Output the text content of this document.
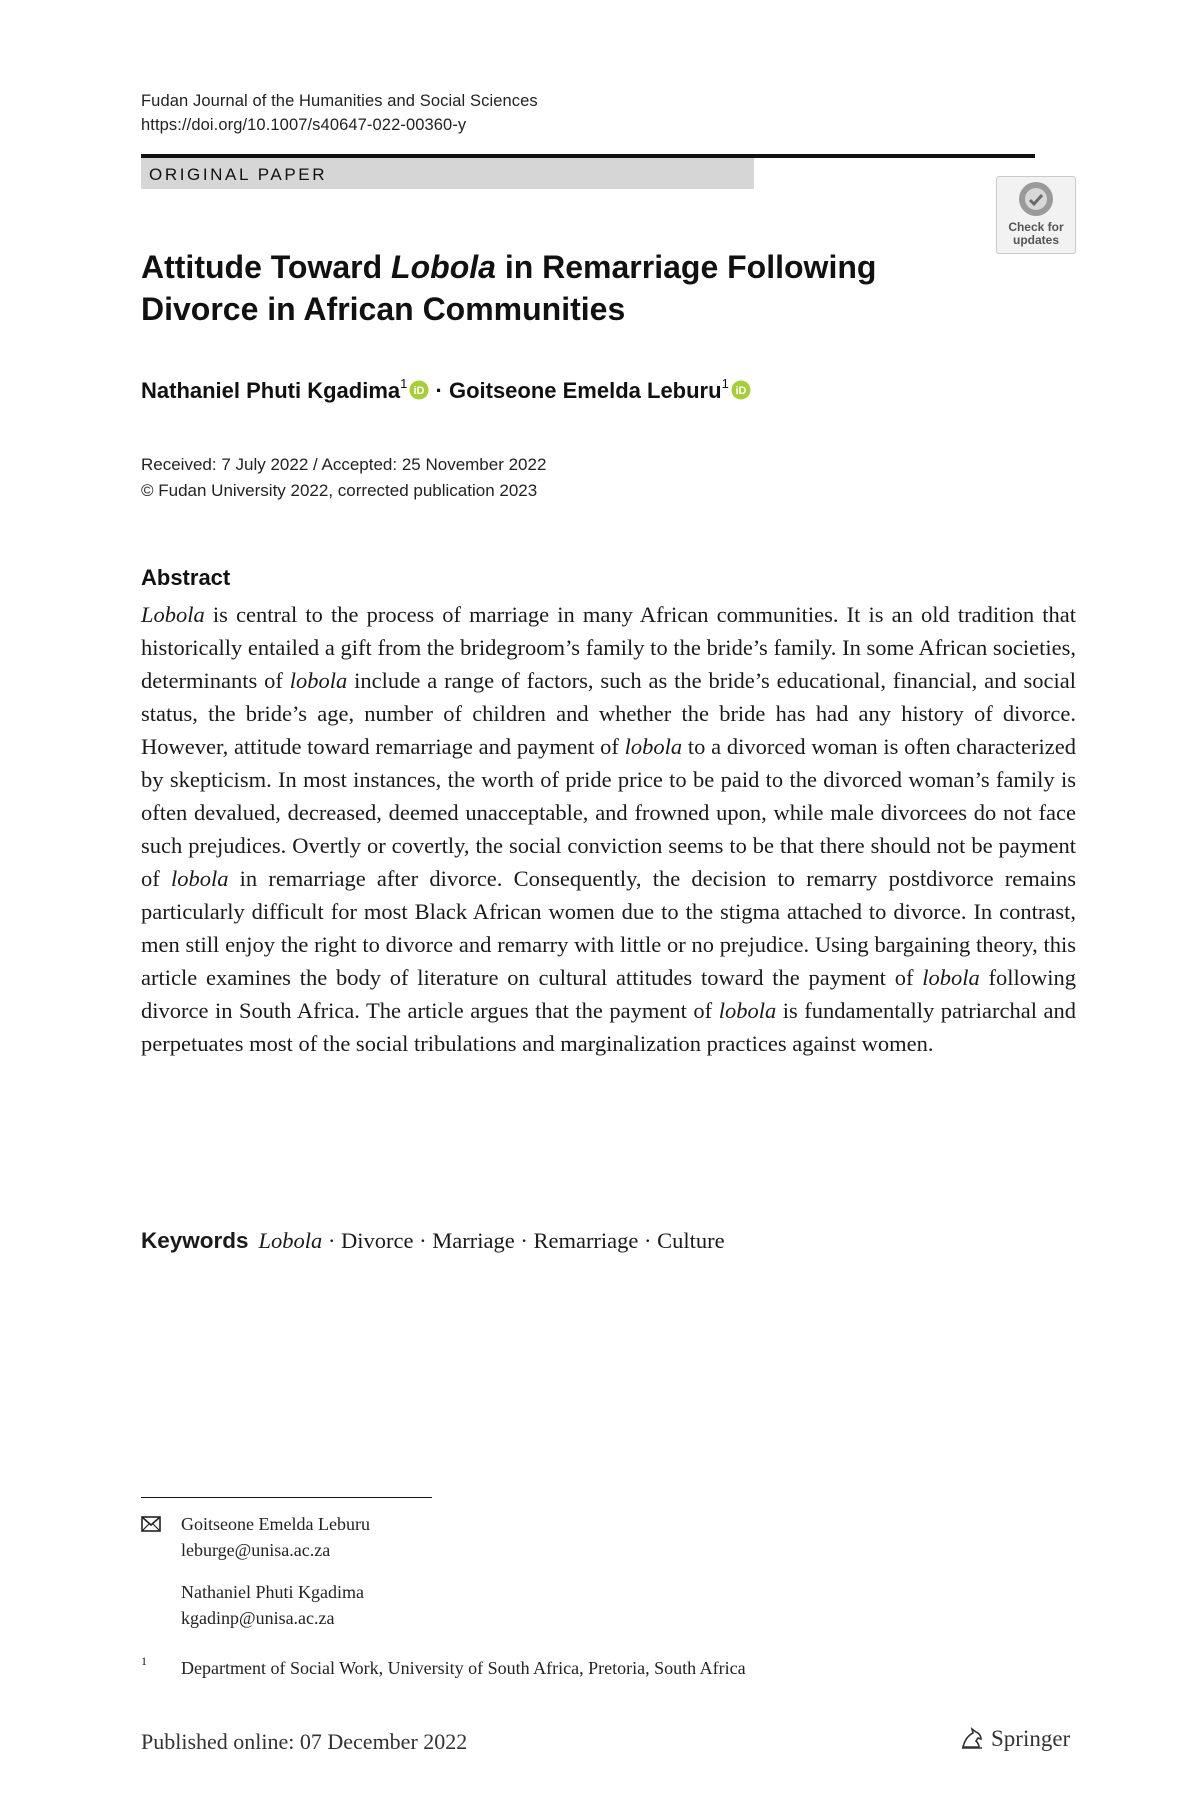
Fudan Journal of the Humanities and Social Sciences
https://doi.org/10.1007/s40647-022-00360-y
ORIGINAL PAPER
Check for updates
Attitude Toward Lobola in Remarriage Following Divorce in African Communities
Nathaniel Phuti Kgadima$^1$ iD · Goitseone Emelda Leburu$^1$ iD
Received: 7 July 2022 / Accepted: 25 November 2022
© Fudan University 2022, corrected publication 2023
Abstract

Lobola is central to the process of marriage in many African communities. It is an old tradition that historically entailed a gift from the bridegroom’s family to the bride’s family. In some African societies, determinants of lobola include a range of factors, such as the bride’s educational, financial, and social status, the bride’s age, number of children and whether the bride has had any history of divorce. However, attitude toward remarriage and payment of lobola to a divorced woman is often characterized by skepticism. In most instances, the worth of pride price to be paid to the divorced woman’s family is often devalued, decreased, deemed unacceptable, and frowned upon, while male divorcees do not face such prejudices. Overtly or covertly, the social conviction seems to be that there should not be payment of lobola in remarriage after divorce. Consequently, the decision to remarry postdivorce remains particularly difficult for most Black African women due to the stigma attached to divorce. In contrast, men still enjoy the right to divorce and remarry with little or no prejudice. Using bargaining theory, this article examines the body of literature on cultural attitudes toward the payment of lobola following divorce in South Africa. The article argues that the payment of lobola is fundamentally patriarchal and perpetuates most of the social tribulations and marginalization practices against women.

Keywords Lobola · Divorce · Marriage · Remarriage · Culture
Goitseone Emelda Leburu
leburge@unisa.ac.za
Nathaniel Phuti Kgadima
kgadinp@unisa.ac.za
1 Department of Social Work, University of South Africa, Pretoria, South Africa
Published online: 07 December 2022	Springer
